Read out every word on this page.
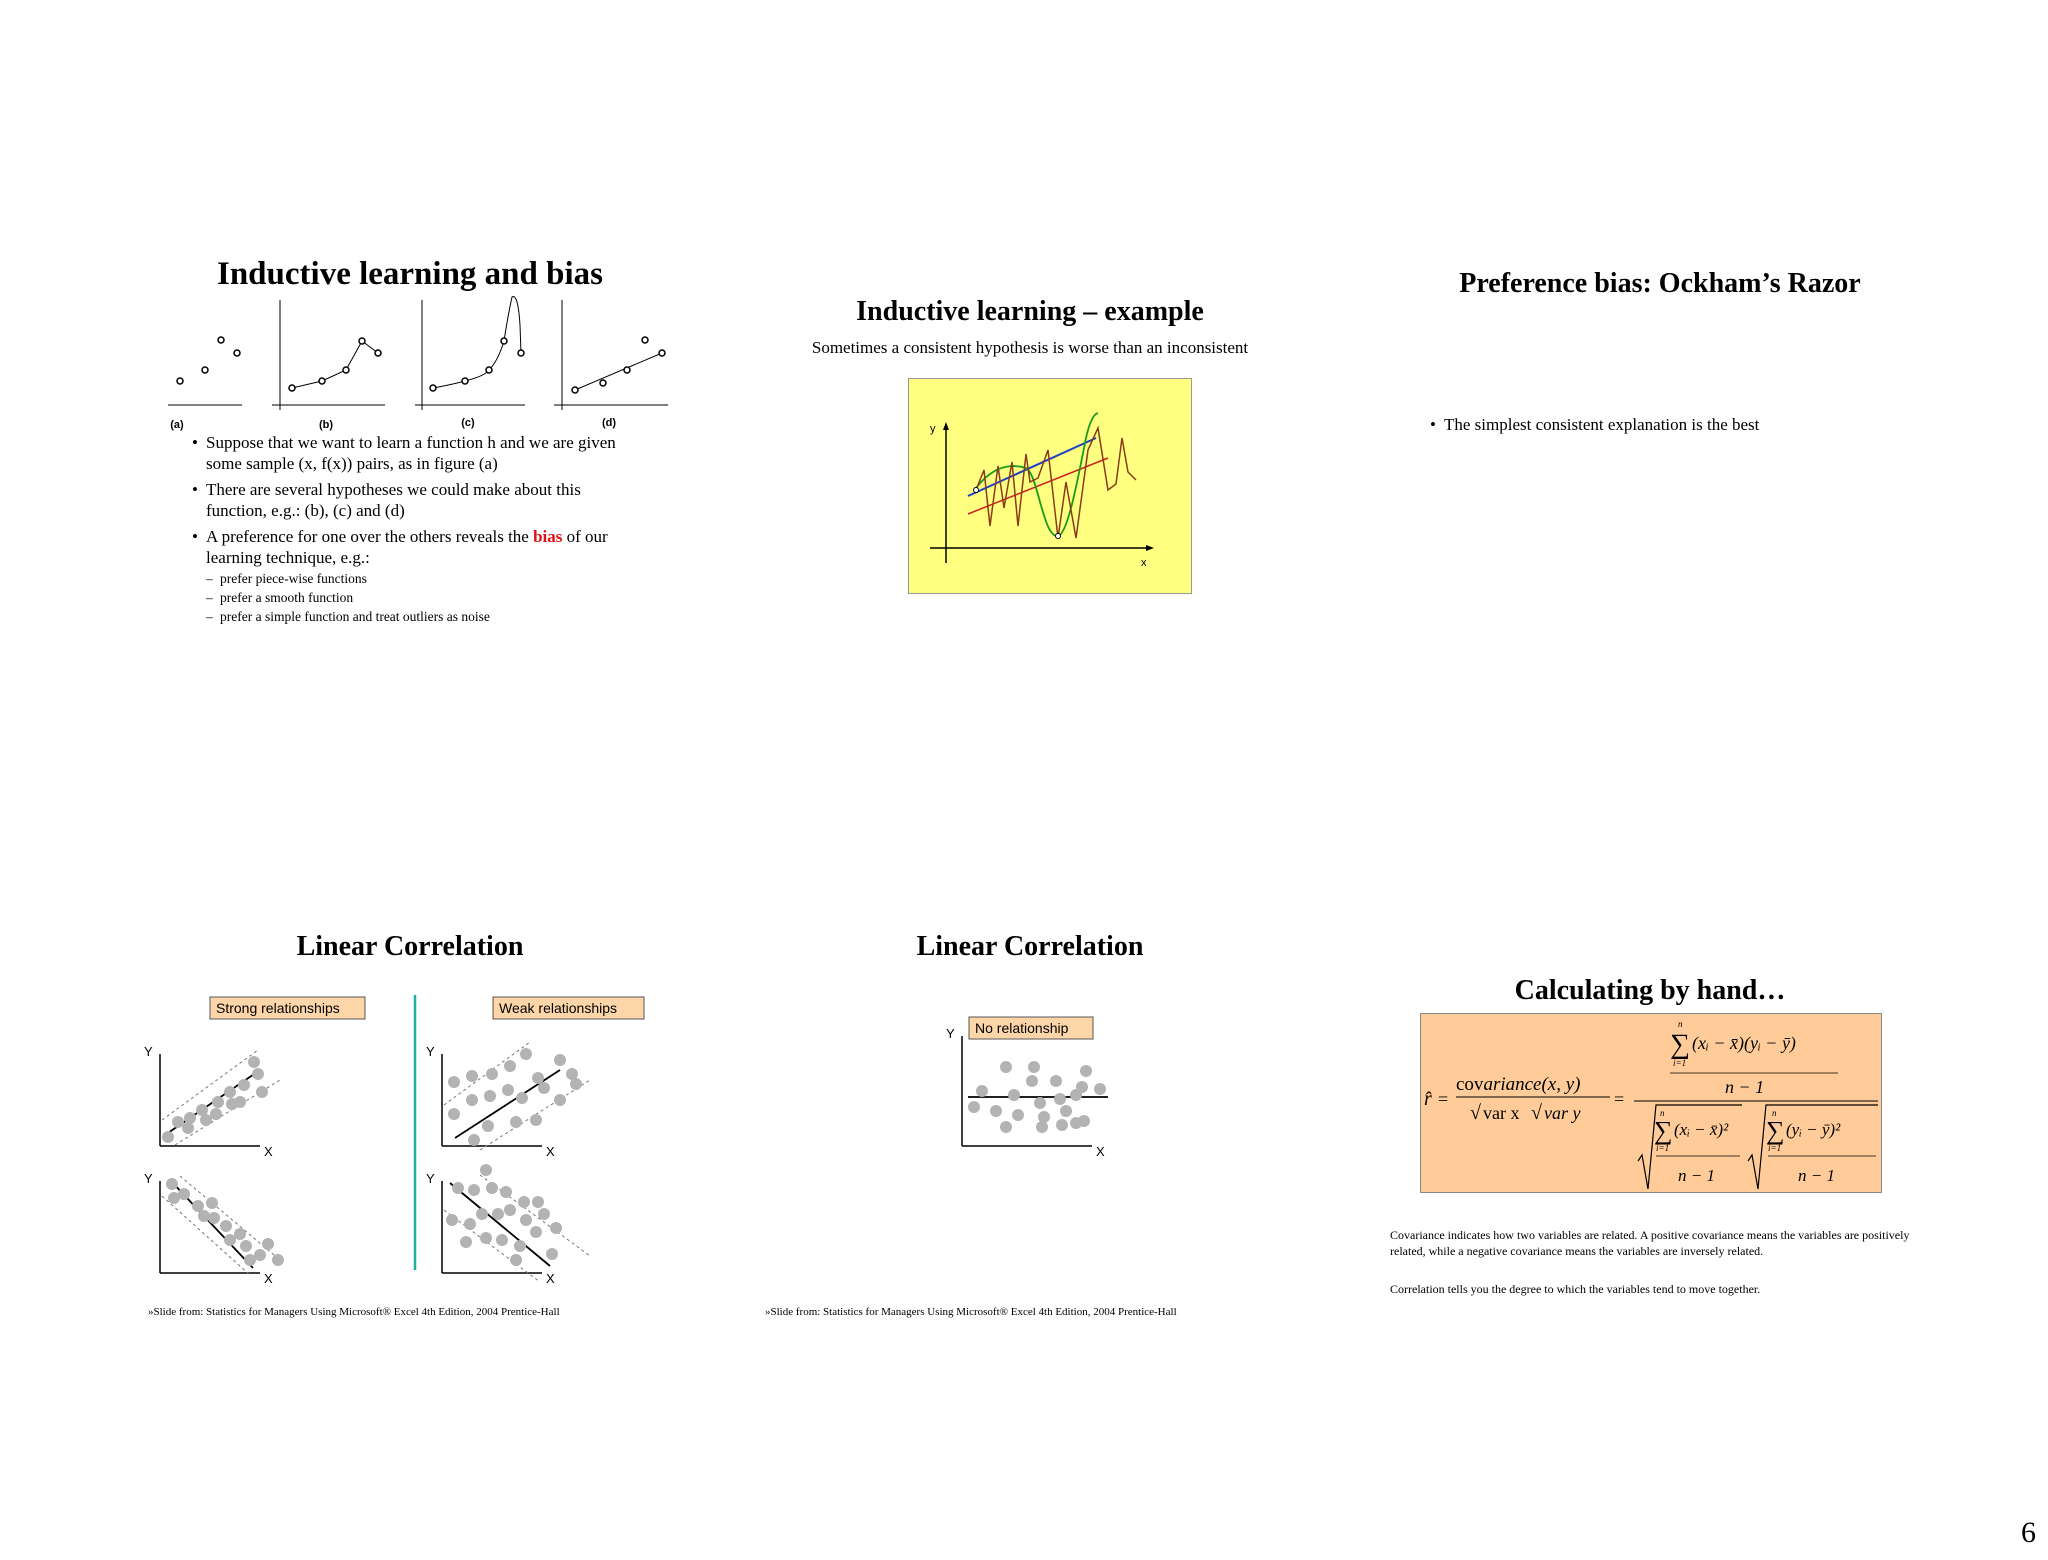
Inductive learning and bias
(a)	(b)	(c)	(d)
• Suppose that we want to learn a function h and we are given some sample (x, f(x)) pairs, as in figure (a)
• There are several hypotheses we could make about this function, e.g.: (b), (c) and (d)
• A preference for one over the others reveals the bias of our learning technique, e.g.:
– prefer piece-wise functions
– prefer a smooth function
– prefer a simple function and treat outliers as noise
Inductive learning – example
Sometimes a consistent hypothesis is worse than an inconsistent
y
x
Preference bias: Ockham’s Razor
• The simplest consistent explanation is the best
Linear Correlation
Strong relationships	Weak relationships
Y
X
Y
X
Y
X
Y
X
»Slide from: Statistics for Managers Using Microsoft® Excel 4th Edition, 2004 Prentice-Hall
Linear Correlation
No relationship
Y
X
»Slide from: Statistics for Managers Using Microsoft® Excel 4th Edition, 2004 Prentice-Hall
Calculating by hand…
r̂ =
covariance(x, y)
√ var x √ var y
=
n
∑
i=1
(xᵢ − x̄)(yᵢ − ȳ)
n − 1
n
∑
i=1
(xᵢ − x̄)²
n − 1
n
∑
i=1
(yᵢ − ȳ)²
n − 1
Covariance indicates how two variables are related. A positive covariance means the variables are positively related, while a negative covariance means the variables are inversely related.
Correlation tells you the degree to which the variables tend to move together.
6
